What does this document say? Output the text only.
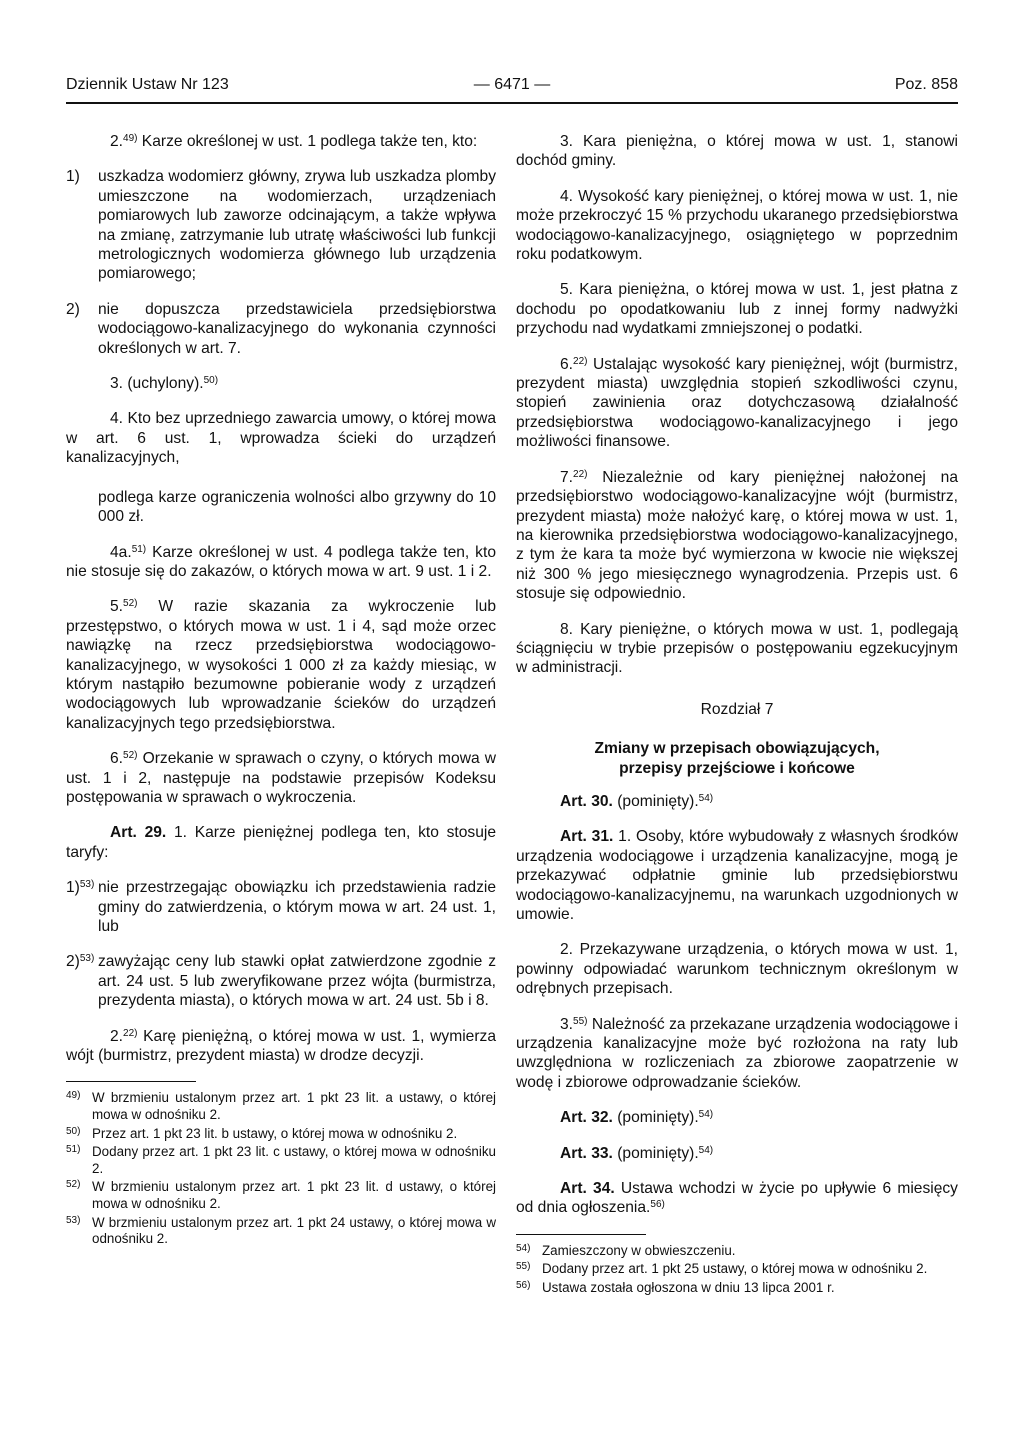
Dziennik Ustaw Nr 123	— 6471 —	Poz. 858

2.$^{49)}$ Karze określonej w ust. 1 podlega także ten, kto:

1) uszkadza wodomierz główny, zrywa lub uszkadza plomby umieszczone na wodomierzach, urządzeniach pomiarowych lub zaworze odcinającym, a także wpływa na zmianę, zatrzymanie lub utratę właściwości lub funkcji metrologicznych wodomierza głównego lub urządzenia pomiarowego;
2) nie dopuszcza przedstawiciela przedsiębiorstwa wodociągowo-kanalizacyjnego do wykonania czynności określonych w art. 7.

3. (uchylony).$^{50)}$

4. Kto bez uprzedniego zawarcia umowy, o której mowa w art. 6 ust. 1, wprowadza ścieki do urządzeń kanalizacyjnych,

podlega karze ograniczenia wolności albo grzywny do 10 000 zł.

4a.$^{51)}$ Karze określonej w ust. 4 podlega także ten, kto nie stosuje się do zakazów, o których mowa w art. 9 ust. 1 i 2.

5.$^{52)}$ W razie skazania za wykroczenie lub przestępstwo, o których mowa w ust. 1 i 4, sąd może orzec nawiązkę na rzecz przedsiębiorstwa wodociągowo-kanalizacyjnego, w wysokości 1 000 zł za każdy miesiąc, w którym nastąpiło bezumowne pobieranie wody z urządzeń wodociągowych lub wprowadzanie ścieków do urządzeń kanalizacyjnych tego przedsiębiorstwa.

6.$^{52)}$ Orzekanie w sprawach o czyny, o których mowa w ust. 1 i 2, następuje na podstawie przepisów Kodeksu postępowania w sprawach o wykroczenia.

Art. 29. 1. Karze pieniężnej podlega ten, kto stosuje taryfy:

1)$^{53)}$ nie przestrzegając obowiązku ich przedstawienia radzie gminy do zatwierdzenia, o którym mowa w art. 24 ust. 1, lub
2)$^{53)}$ zawyżając ceny lub stawki opłat zatwierdzone zgodnie z art. 24 ust. 5 lub zweryfikowane przez wójta (burmistrza, prezydenta miasta), o których mowa w art. 24 ust. 5b i 8.

2.$^{22)}$ Karę pieniężną, o której mowa w ust. 1, wymierza wójt (burmistrz, prezydent miasta) w drodze decyzji.

49) W brzmieniu ustalonym przez art. 1 pkt 23 lit. a ustawy, o której mowa w odnośniku 2.
50) Przez art. 1 pkt 23 lit. b ustawy, o której mowa w odnośniku 2.
51) Dodany przez art. 1 pkt 23 lit. c ustawy, o której mowa w odnośniku 2.
52) W brzmieniu ustalonym przez art. 1 pkt 23 lit. d ustawy, o której mowa w odnośniku 2.
53) W brzmieniu ustalonym przez art. 1 pkt 24 ustawy, o której mowa w odnośniku 2.

3. Kara pieniężna, o której mowa w ust. 1, stanowi dochód gminy.

4. Wysokość kary pieniężnej, o której mowa w ust. 1, nie może przekroczyć 15 % przychodu ukaranego przedsiębiorstwa wodociągowo-kanalizacyjnego, osiągniętego w poprzednim roku podatkowym.

5. Kara pieniężna, o której mowa w ust. 1, jest płatna z dochodu po opodatkowaniu lub z innej formy nadwyżki przychodu nad wydatkami zmniejszonej o podatki.

6.$^{22)}$ Ustalając wysokość kary pieniężnej, wójt (burmistrz, prezydent miasta) uwzględnia stopień szkodliwości czynu, stopień zawinienia oraz dotychczasową działalność przedsiębiorstwa wodociągowo-kanalizacyjnego i jego możliwości finansowe.

7.$^{22)}$ Niezależnie od kary pieniężnej nałożonej na przedsiębiorstwo wodociągowo-kanalizacyjne wójt (burmistrz, prezydent miasta) może nałożyć karę, o której mowa w ust. 1, na kierownika przedsiębiorstwa wodociągowo-kanalizacyjnego, z tym że kara ta może być wymierzona w kwocie nie większej niż 300 % jego miesięcznego wynagrodzenia. Przepis ust. 6 stosuje się odpowiednio.

8. Kary pieniężne, o których mowa w ust. 1, podlegają ściągnięciu w trybie przepisów o postępowaniu egzekucyjnym w administracji.

Rozdział 7

Zmiany w przepisach obowiązujących,
przepisy przejściowe i końcowe

Art. 30. (pominięty).$^{54)}$

Art. 31. 1. Osoby, które wybudowały z własnych środków urządzenia wodociągowe i urządzenia kanalizacyjne, mogą je przekazywać odpłatnie gminie lub przedsiębiorstwu wodociągowo-kanalizacyjnemu, na warunkach uzgodnionych w umowie.

2. Przekazywane urządzenia, o których mowa w ust. 1, powinny odpowiadać warunkom technicznym określonym w odrębnych przepisach.

3.$^{55)}$ Należność za przekazane urządzenia wodociągowe i urządzenia kanalizacyjne może być rozłożona na raty lub uwzględniona w rozliczeniach za zbiorowe zaopatrzenie w wodę i zbiorowe odprowadzanie ścieków.

Art. 32. (pominięty).$^{54)}$

Art. 33. (pominięty).$^{54)}$

Art. 34. Ustawa wchodzi w życie po upływie 6 miesięcy od dnia ogłoszenia.$^{56)}$

54) Zamieszczony w obwieszczeniu.
55) Dodany przez art. 1 pkt 25 ustawy, o której mowa w odnośniku 2.
56) Ustawa została ogłoszona w dniu 13 lipca 2001 r.
